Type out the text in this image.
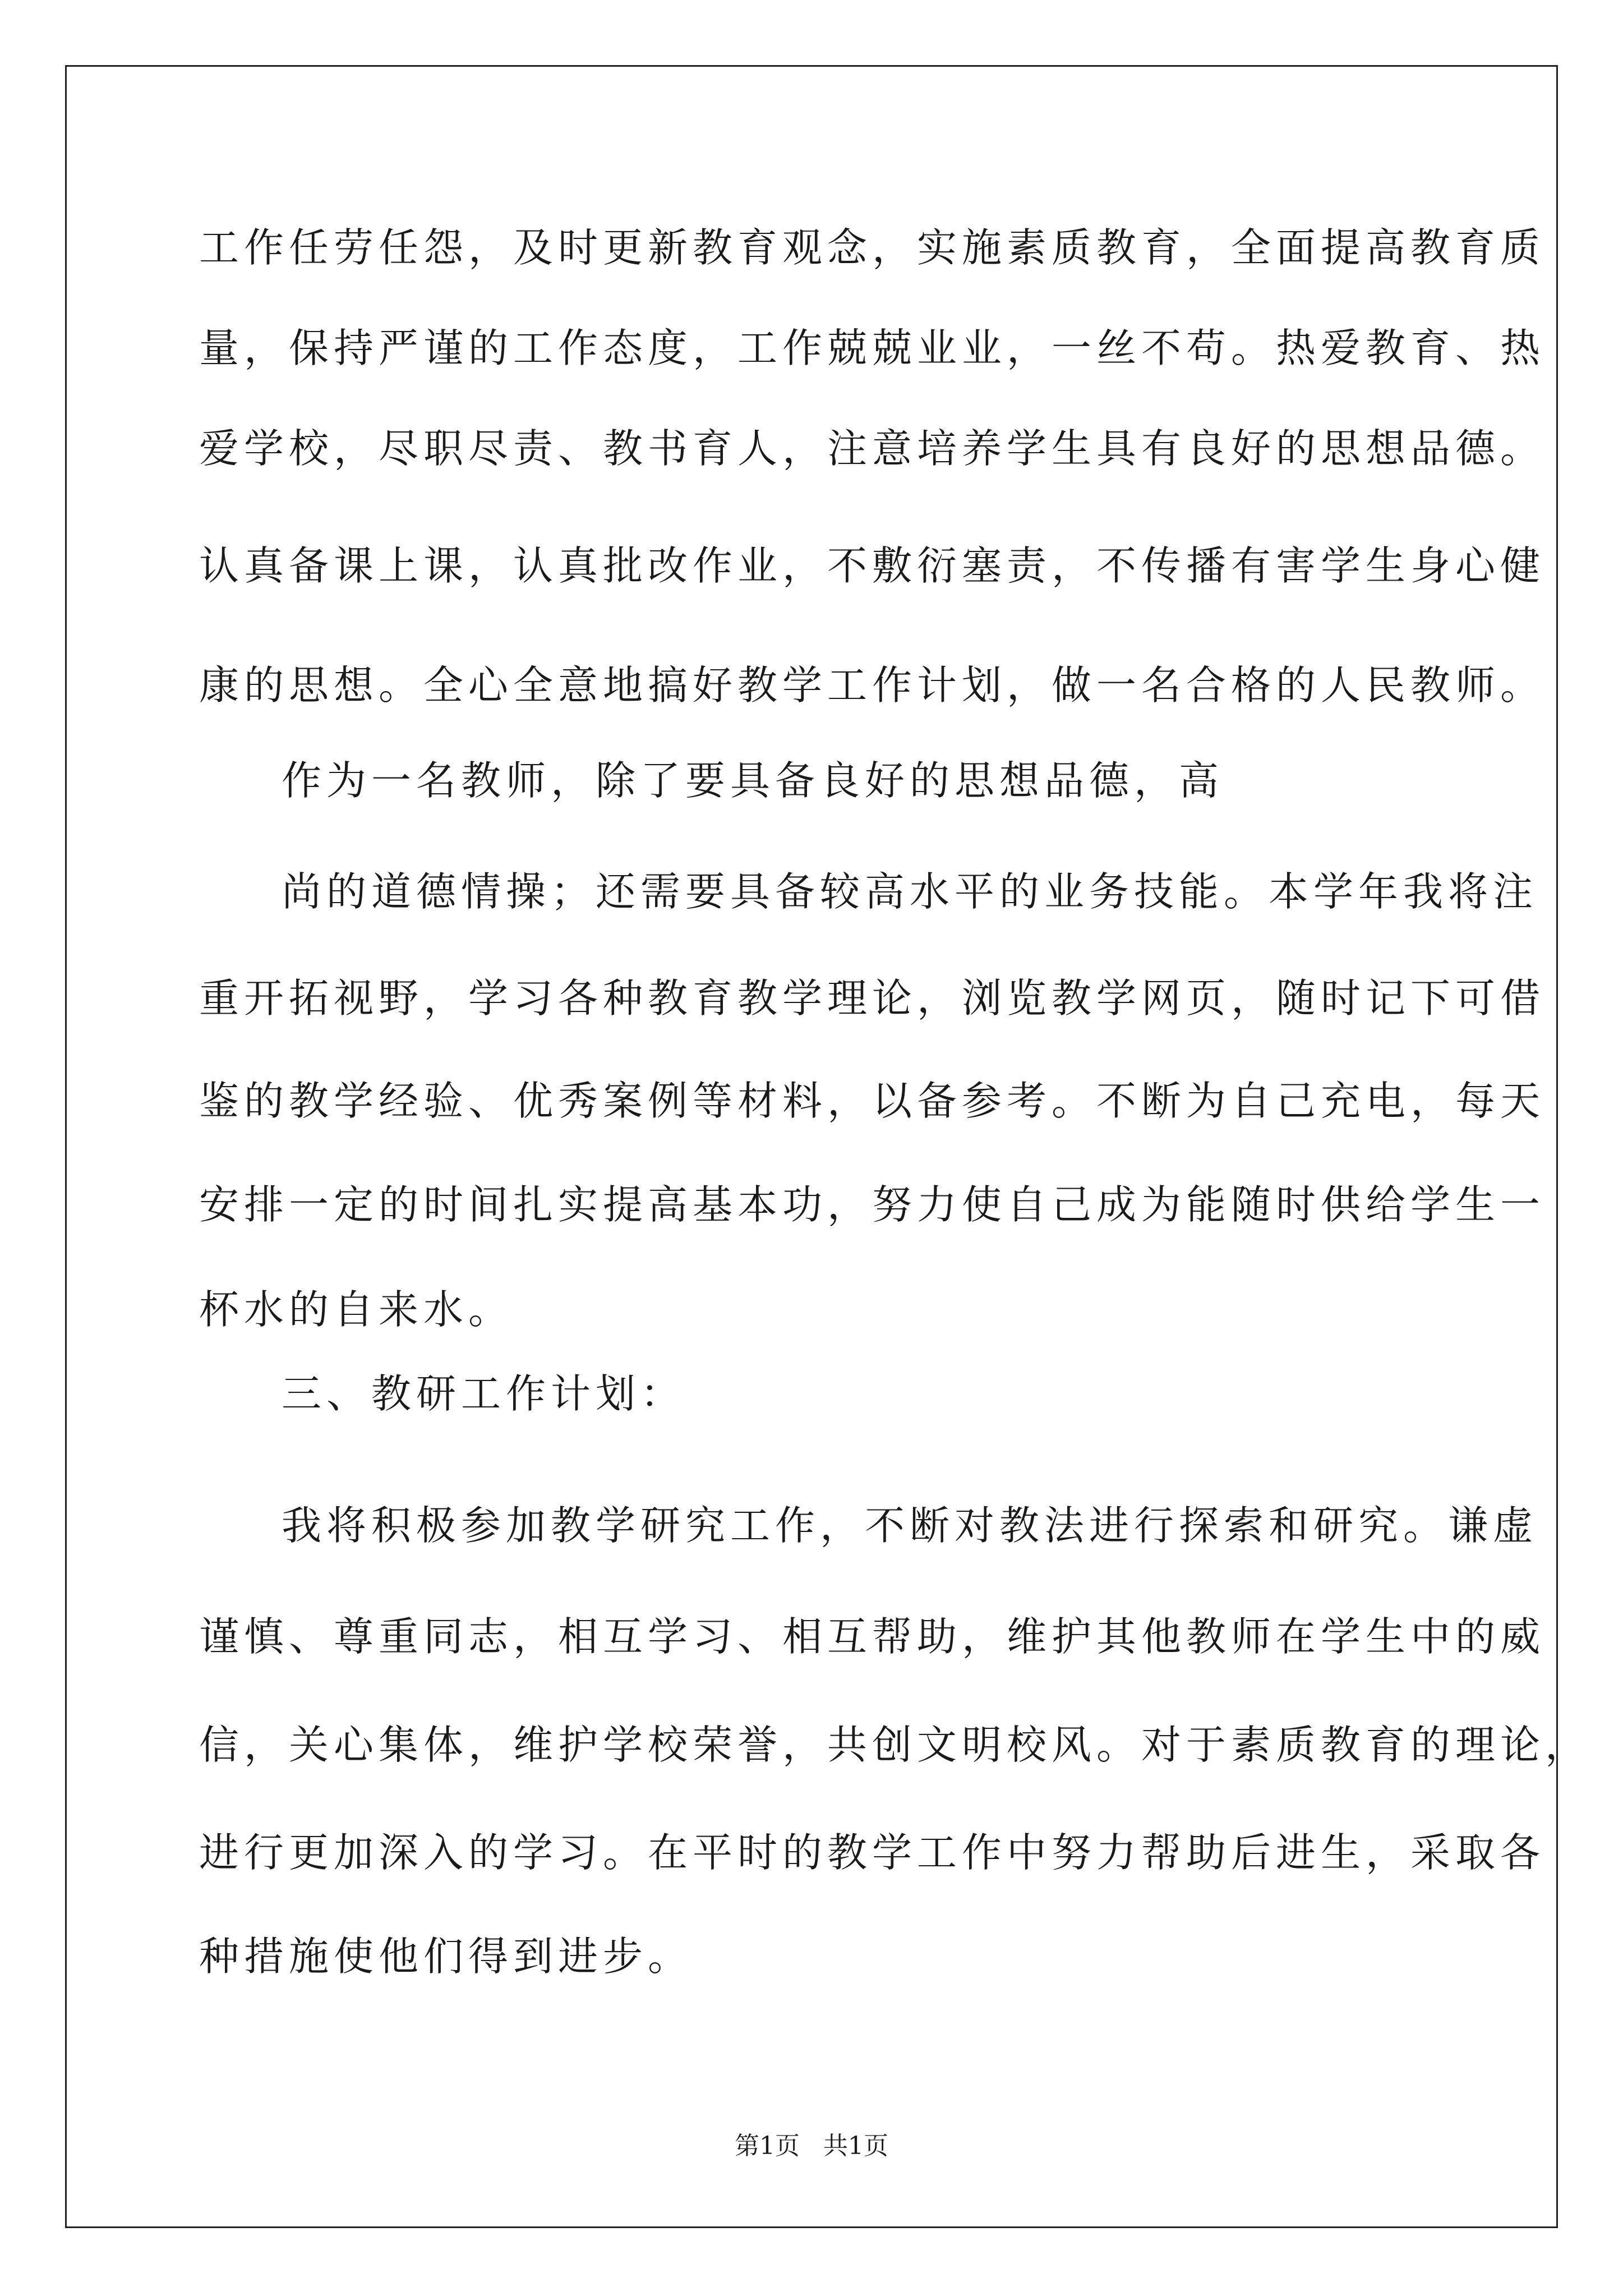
工作任劳任怨，及时更新教育观念，实施素质教育，全面提高教育质
量，保持严谨的工作态度，工作兢兢业业，一丝不苟。热爱教育、热
爱学校，尽职尽责、教书育人，注意培养学生具有良好的思想品德。
认真备课上课，认真批改作业，不敷衍塞责，不传播有害学生身心健
康的思想。全心全意地搞好教学工作计划，做一名合格的人民教师。
作为一名教师，除了要具备良好的思想品德，高
尚的道德情操；还需要具备较高水平的业务技能。本学年我将注
重开拓视野，学习各种教育教学理论，浏览教学网页，随时记下可借
鉴的教学经验、优秀案例等材料，以备参考。不断为自己充电，每天
安排一定的时间扎实提高基本功，努力使自己成为能随时供给学生一
杯水的自来水。
三、教研工作计划：
我将积极参加教学研究工作，不断对教法进行探索和研究。谦虚
谨慎、尊重同志，相互学习、相互帮助，维护其他教师在学生中的威
信，关心集体，维护学校荣誉，共创文明校风。对于素质教育的理论，
进行更加深入的学习。在平时的教学工作中努力帮助后进生，采取各
种措施使他们得到进步。
第1页   共1页
